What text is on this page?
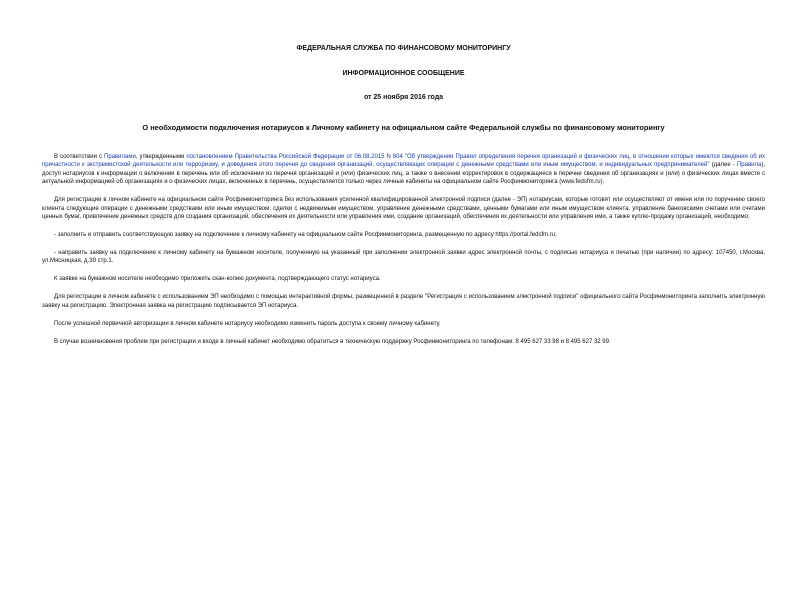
ФЕДЕРАЛЬНАЯ СЛУЖБА ПО ФИНАНСОВОМУ МОНИТОРИНГУ
ИНФОРМАЦИОННОЕ СООБЩЕНИЕ
от 25 ноября 2016 года
О необходимости подключения нотариусов к Личному кабинету на официальном сайте Федеральной службы по финансовому мониторингу

В соответствии с Правилами, утвержденными постановлением Правительства Российской Федерации от 06.08.2015 N 804 "Об утверждении Правил определения перечня организаций и физических лиц, в отношении которых имеются сведения об их причастности к экстремистской деятельности или терроризму, и доведения этого перечня до сведения организаций, осуществляющих операции с денежными средствами или иным имуществом, и индивидуальных предпринимателей" (далее - Правила), доступ нотариусов к информации о включении в перечень или об исключении из перечня организаций и (или) физических лиц, а также о внесении корректировок в содержащиеся в перечне сведения об организациях и (или) о физических лицах вместе с актуальной информацией об организациях и о физических лицах, включенных в перечень, осуществляется только через личные кабинеты на официальном сайте Росфинмониторинга (www.fedsfm.ru).

Для регистрации в личном кабинете на официальном сайте Росфинмониторинга без использования усиленной квалифицированной электронной подписи (далее - ЭП) нотариусам, которые готовят или осуществляют от имени или по поручению своего клиента следующие операции с денежными средствами или иным имуществом: сделки с недвижимым имуществом, управление денежными средствами, ценными бумагами или иным имуществом клиента, управление банковскими счетами или счетами ценных бумаг, привлечение денежных средств для создания организаций, обеспечения их деятельности или управления ими, создание организаций, обеспечения их деятельности или управления ими, а также куплю-продажу организаций, необходимо:

- заполнить и отправить соответствующую заявку на подключение к личному кабинету на официальном сайте Росфинмониторинга, размещенную по адресу https://portal.fedsfm.ru;

- направить заявку на подключение к личному кабинету на бумажном носителе, полученную на указанный при заполнении электронной заявки адрес электронной почты, с подписью нотариуса и печатью (при наличии) по адресу: 107450, г.Москва, ул.Мясницкая, д.39 стр.1.

К заявке на бумажном носителе необходимо приложить скан-копию документа, подтверждающего статус нотариуса.

Для регистрации в личном кабинете с использованием ЭП необходимо с помощью интерактивной формы, размещенной в разделе "Регистрация с использованием электронной подписи" официального сайта Росфинмониторинга заполнить электронную заявку на регистрацию. Электронная заявка на регистрацию подписывается ЭП нотариуса.

После успешной первичной авторизации в личном кабинете нотариусу необходимо изменить пароль доступа к своему личному кабинету.

В случае возникновения проблем при регистрации и входе в личный кабинет необходимо обратиться в техническую поддержку Росфинмониторинга по телефонам: 8 495 627 33 98 и 8 495 627 32 99.
